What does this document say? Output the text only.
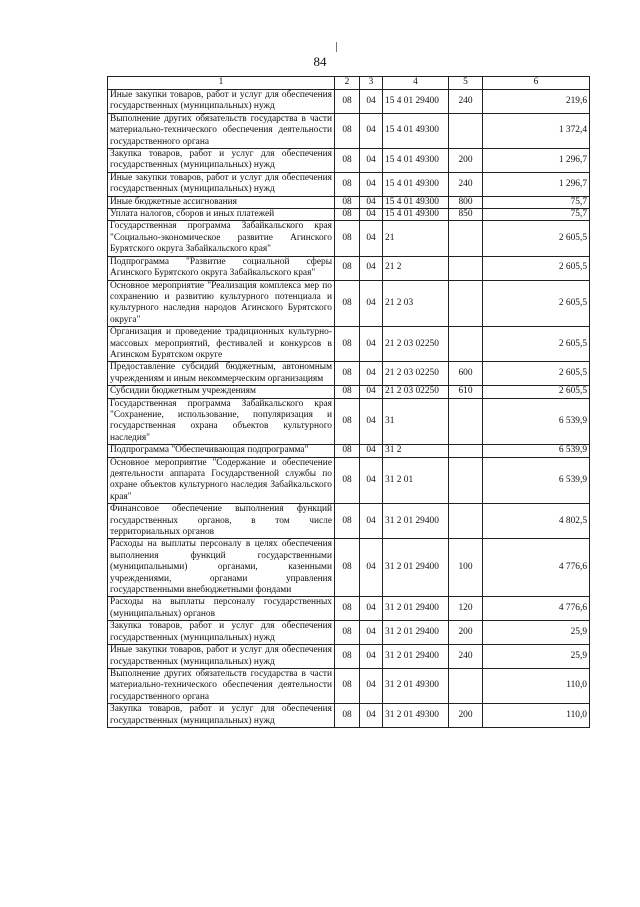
84
1	2	3	4	5	6
Иные закупки товаров, работ и услуг для обеспечения государственных (муниципальных) нужд	08	04	15 4 01 29400	240	219,6
Выполнение других обязательств государства в части материально-технического обеспечения деятельности государственного органа	08	04	15 4 01 49300		1 372,4
Закупка товаров, работ и услуг для обеспечения государственных (муниципальных) нужд	08	04	15 4 01 49300	200	1 296,7
Иные закупки товаров, работ и услуг для обеспечения государственных (муниципальных) нужд	08	04	15 4 01 49300	240	1 296,7
Иные бюджетные ассигнования	08	04	15 4 01 49300	800	75,7
Уплата налогов, сборов и иных платежей	08	04	15 4 01 49300	850	75,7
Государственная программа Забайкальского края "Социально-экономическое развитие Агинского Бурятского округа Забайкальского края"	08	04	21		2 605,5
Подпрограмма "Развитие социальной сферы Агинского Бурятского округа Забайкальского края"	08	04	21 2		2 605,5
Основное мероприятие "Реализация комплекса мер по сохранению и развитию культурного потенциала и культурного наследия народов Агинского Бурятского округа"	08	04	21 2 03		2 605,5
Организация и проведение традиционных культурно-массовых мероприятий, фестивалей и конкурсов в Агинском Бурятском округе	08	04	21 2 03 02250		2 605,5
Предоставление субсидий бюджетным, автономным учреждениям и иным некоммерческим организациям	08	04	21 2 03 02250	600	2 605,5
Субсидии бюджетным учреждениям	08	04	21 2 03 02250	610	2 605,5
Государственная программа Забайкальского края "Сохранение, использование, популяризация и государственная охрана объектов культурного наследия"	08	04	31		6 539,9
Подпрограмма "Обеспечивающая подпрограмма"	08	04	31 2		6 539,9
Основное мероприятие "Содержание и обеспечение деятельности аппарата Государственной службы по охране объектов культурного наследия Забайкальского края"	08	04	31 2 01		6 539,9
Финансовое обеспечение выполнения функций государственных органов, в том числе территориальных органов	08	04	31 2 01 29400		4 802,5
Расходы на выплаты персоналу в целях обеспечения выполнения функций государственными (муниципальными) органами, казенными учреждениями, органами управления государственными внебюджетными фондами	08	04	31 2 01 29400	100	4 776,6
Расходы на выплаты персоналу государственных (муниципальных) органов	08	04	31 2 01 29400	120	4 776,6
Закупка товаров, работ и услуг для обеспечения государственных (муниципальных) нужд	08	04	31 2 01 29400	200	25,9
Иные закупки товаров, работ и услуг для обеспечения государственных (муниципальных) нужд	08	04	31 2 01 29400	240	25,9
Выполнение других обязательств государства в части материально-технического обеспечения деятельности государственного органа	08	04	31 2 01 49300		110,0
Закупка товаров, работ и услуг для обеспечения государственных (муниципальных) нужд	08	04	31 2 01 49300	200	110,0
